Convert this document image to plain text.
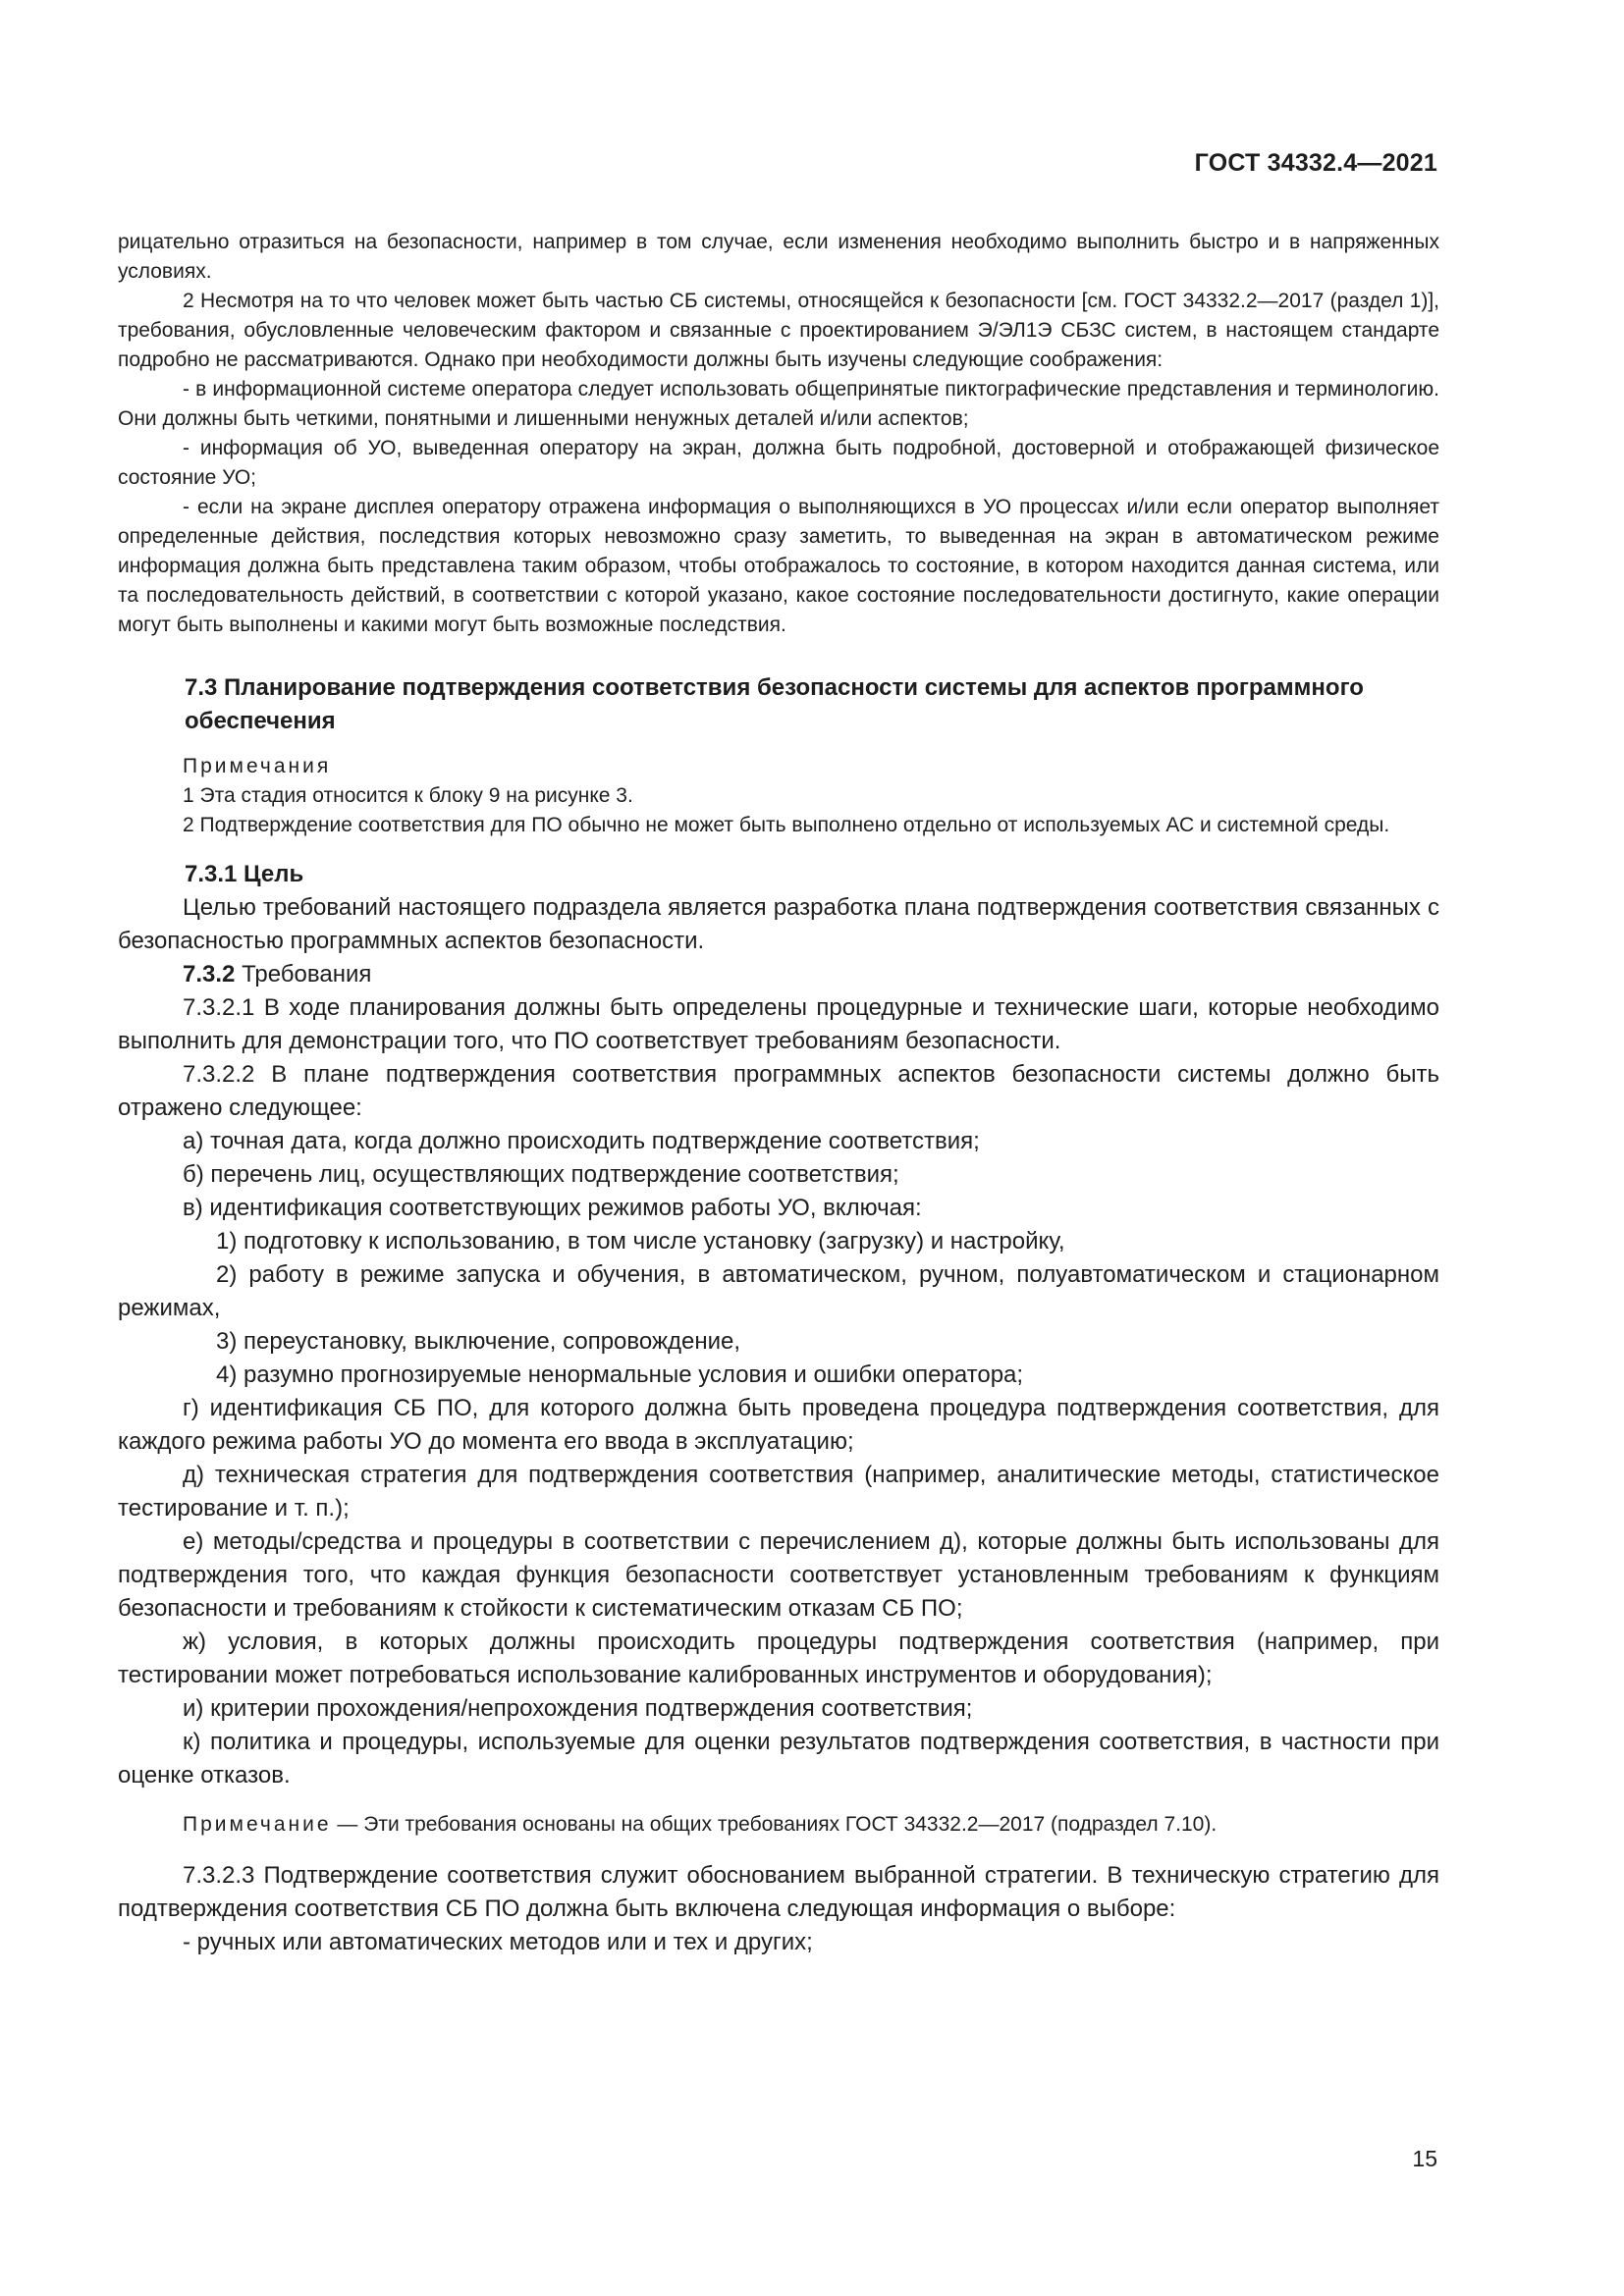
ГОСТ 34332.4—2021

рицательно отразиться на безопасности, например в том случае, если изменения необходимо выполнить быстро и в напряженных условиях.

2 Несмотря на то что человек может быть частью СБ системы, относящейся к безопасности [см. ГОСТ 34332.2—2017 (раздел 1)], требования, обусловленные человеческим фактором и связанные с проектированием Э/ЭЛ1Э СБЗС систем, в настоящем стандарте подробно не рассматриваются. Однако при необходимости должны быть изучены следующие соображения:

- в информационной системе оператора следует использовать общепринятые пиктографические представления и терминологию. Они должны быть четкими, понятными и лишенными ненужных деталей и/или аспектов;

- информация об УО, выведенная оператору на экран, должна быть подробной, достоверной и отображающей физическое состояние УО;

- если на экране дисплея оператору отражена информация о выполняющихся в УО процессах и/или если оператор выполняет определенные действия, последствия которых невозможно сразу заметить, то выведенная на экран в автоматическом режиме информация должна быть представлена таким образом, чтобы отображалось то состояние, в котором находится данная система, или та последовательность действий, в соответствии с которой указано, какое состояние последовательности достигнуто, какие операции могут быть выполнены и какими могут быть возможные последствия.

7.3 Планирование подтверждения соответствия безопасности системы для аспектов программного обеспечения

Примечания

1 Эта стадия относится к блоку 9 на рисунке 3.

2 Подтверждение соответствия для ПО обычно не может быть выполнено отдельно от используемых АС и системной среды.

7.3.1 Цель

Целью требований настоящего подраздела является разработка плана подтверждения соответствия связанных с безопасностью программных аспектов безопасности.

7.3.2 Требования

7.3.2.1 В ходе планирования должны быть определены процедурные и технические шаги, которые необходимо выполнить для демонстрации того, что ПО соответствует требованиям безопасности.

7.3.2.2 В плане подтверждения соответствия программных аспектов безопасности системы должно быть отражено следующее:

а) точная дата, когда должно происходить подтверждение соответствия;

б) перечень лиц, осуществляющих подтверждение соответствия;

в) идентификация соответствующих режимов работы УО, включая:

1) подготовку к использованию, в том числе установку (загрузку) и настройку,

2) работу в режиме запуска и обучения, в автоматическом, ручном, полуавтоматическом и стационарном режимах,

3) переустановку, выключение, сопровождение,

4) разумно прогнозируемые ненормальные условия и ошибки оператора;

г) идентификация СБ ПО, для которого должна быть проведена процедура подтверждения соответствия, для каждого режима работы УО до момента его ввода в эксплуатацию;

д) техническая стратегия для подтверждения соответствия (например, аналитические методы, статистическое тестирование и т. п.);

е) методы/средства и процедуры в соответствии с перечислением д), которые должны быть использованы для подтверждения того, что каждая функция безопасности соответствует установленным требованиям к функциям безопасности и требованиям к стойкости к систематическим отказам СБ ПО;

ж) условия, в которых должны происходить процедуры подтверждения соответствия (например, при тестировании может потребоваться использование калиброванных инструментов и оборудования);

и) критерии прохождения/непрохождения подтверждения соответствия;

к) политика и процедуры, используемые для оценки результатов подтверждения соответствия, в частности при оценке отказов.

Примечание — Эти требования основаны на общих требованиях ГОСТ 34332.2—2017 (подраздел 7.10).

7.3.2.3 Подтверждение соответствия служит обоснованием выбранной стратегии. В техническую стратегию для подтверждения соответствия СБ ПО должна быть включена следующая информация о выборе:

- ручных или автоматических методов или и тех и других;

15
